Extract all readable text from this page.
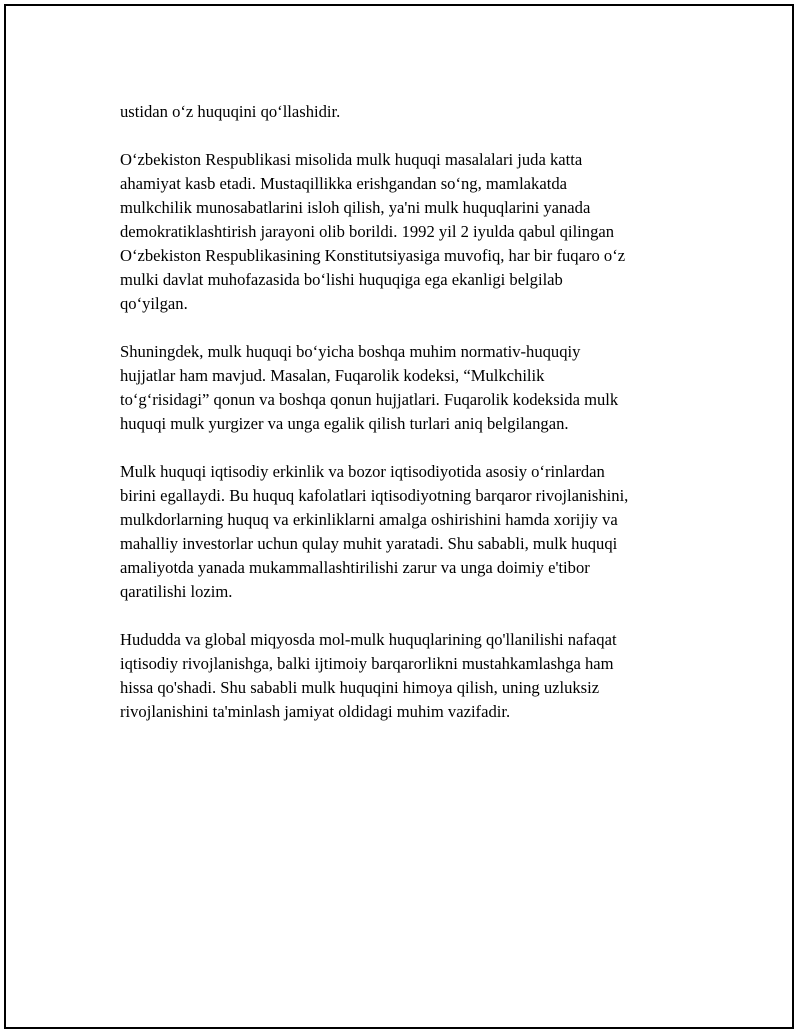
ustidan o‘z huquqini qo‘llashidir.

O‘zbekiston Respublikasi misolida mulk huquqi masalalari juda katta
ahamiyat kasb etadi. Mustaqillikka erishgandan so‘ng, mamlakatda
mulkchilik munosabatlarini isloh qilish, ya'ni mulk huquqlarini yanada
demokratiklashtirish jarayoni olib borildi. 1992 yil 2 iyulda qabul qilingan
O‘zbekiston Respublikasining Konstitutsiyasiga muvofiq, har bir fuqaro o‘z
mulki davlat muhofazasida bo‘lishi huquqiga ega ekanligi belgilab
qo‘yilgan.

Shuningdek, mulk huquqi bo‘yicha boshqa muhim normativ-huquqiy
hujjatlar ham mavjud. Masalan, Fuqarolik kodeksi, “Mulkchilik
to‘g‘risidagi” qonun va boshqa qonun hujjatlari. Fuqarolik kodeksida mulk
huquqi mulk yurgizer va unga egalik qilish turlari aniq belgilangan.

Mulk huquqi iqtisodiy erkinlik va bozor iqtisodiyotida asosiy o‘rinlardan
birini egallaydi. Bu huquq kafolatlari iqtisodiyotning barqaror rivojlanishini,
mulkdorlarning huquq va erkinliklarni amalga oshirishini hamda xorijiy va
mahalliy investorlar uchun qulay muhit yaratadi. Shu sababli, mulk huquqi
amaliyotda yanada mukammallashtirilishi zarur va unga doimiy e'tibor
qaratilishi lozim.

Hududda va global miqyosda mol-mulk huquqlarining qo'llanilishi nafaqat
iqtisodiy rivojlanishga, balki ijtimoiy barqarorlikni mustahkamlashga ham
hissa qo'shadi. Shu sababli mulk huquqini himoya qilish, uning uzluksiz
rivojlanishini ta'minlash jamiyat oldidagi muhim vazifadir.
